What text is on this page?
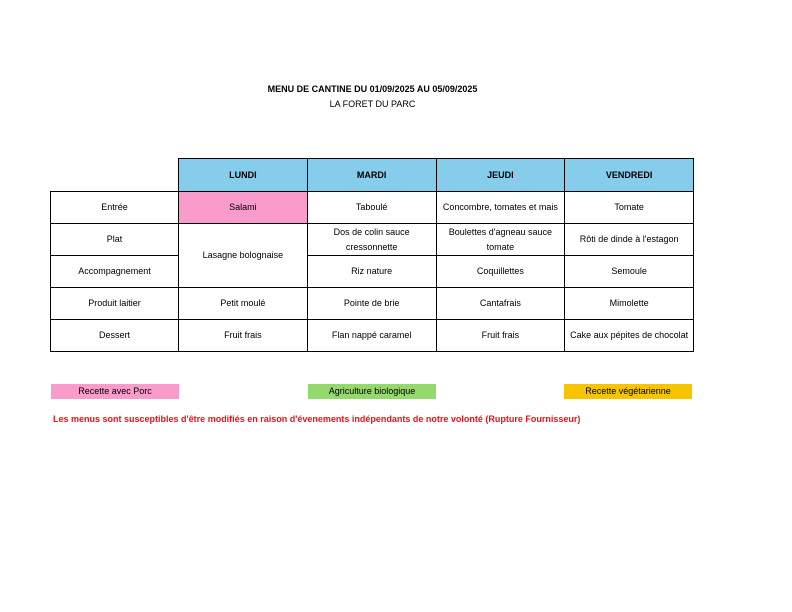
MENU DE CANTINE DU 01/09/2025 AU 05/09/2025
LA FORET DU PARC
	LUNDI	MARDI	JEUDI	VENDREDI
Entrée	Salami	Taboulé	Concombre, tomates et mais	Tomate
Plat	Lasagne bolognaise	Dos de colin sauce cressonnette	Boulettes d'agneau sauce tomate	Rôti de dinde à l'estagon
Accompagnement		Riz nature	Coquillettes	Semoule
Produit laitier	Petit moulé	Pointe de brie	Cantafrais	Mimolette
Dessert	Fruit frais	Flan nappé caramel	Fruit frais	Cake aux pépites de chocolat
Recette avec Porc	Agriculture biologique	Recette végétarienne
Les menus sont susceptibles d'être modifiés en raison d'évenements indépendants de notre volonté (Rupture Fournisseur)
